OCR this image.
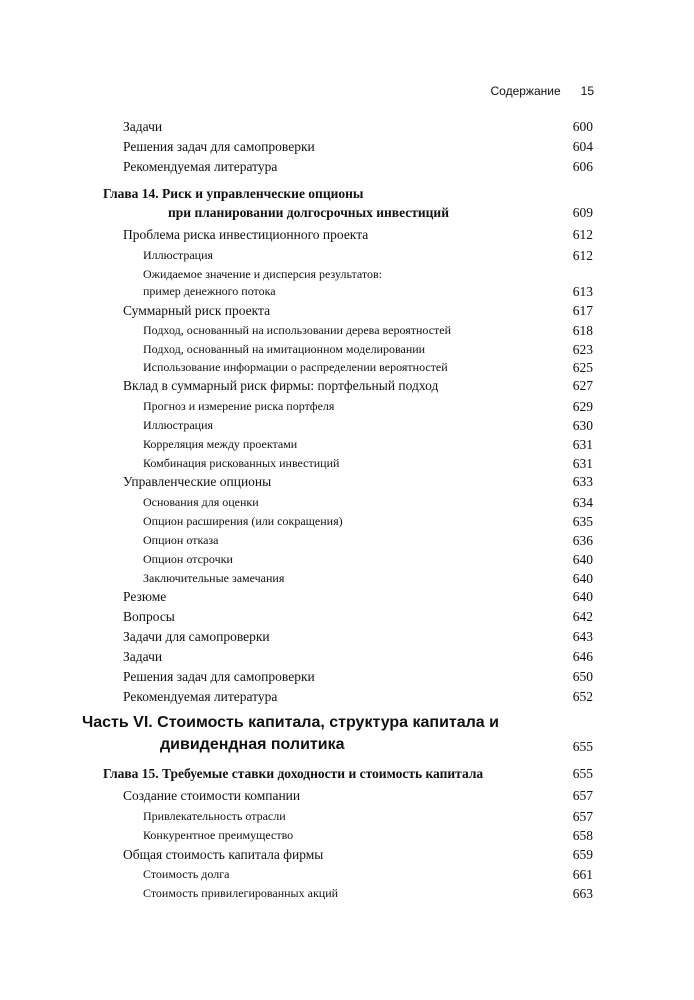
Содержание 15
Задачи	600
Решения задач для самопроверки	604
Рекомендуемая литература	606
Глава 14. Риск и управленческие опционы
при планировании долгосрочных инвестиций	609
Проблема риска инвестиционного проекта	612
Иллюстрация	612
Ожидаемое значение и дисперсия результатов:
пример денежного потока	613
Суммарный риск проекта	617
Подход, основанный на использовании дерева вероятностей	618
Подход, основанный на имитационном моделировании	623
Использование информации о распределении вероятностей	625
Вклад в суммарный риск фирмы: портфельный подход	627
Прогноз и измерение риска портфеля	629
Иллюстрация	630
Корреляция между проектами	631
Комбинация рискованных инвестиций	631
Управленческие опционы	633
Основания для оценки	634
Опцион расширения (или сокращения)	635
Опцион отказа	636
Опцион отсрочки	640
Заключительные замечания	640
Резюме	640
Вопросы	642
Задачи для самопроверки	643
Задачи	646
Решения задач для самопроверки	650
Рекомендуемая литература	652
Часть VI. Стоимость капитала, структура капитала и
дивидендная политика	655
Глава 15. Требуемые ставки доходности и стоимость капитала	655
Создание стоимости компании	657
Привлекательность отрасли	657
Конкурентное преимущество	658
Общая стоимость капитала фирмы	659
Стоимость долга	661
Стоимость привилегированных акций	663
